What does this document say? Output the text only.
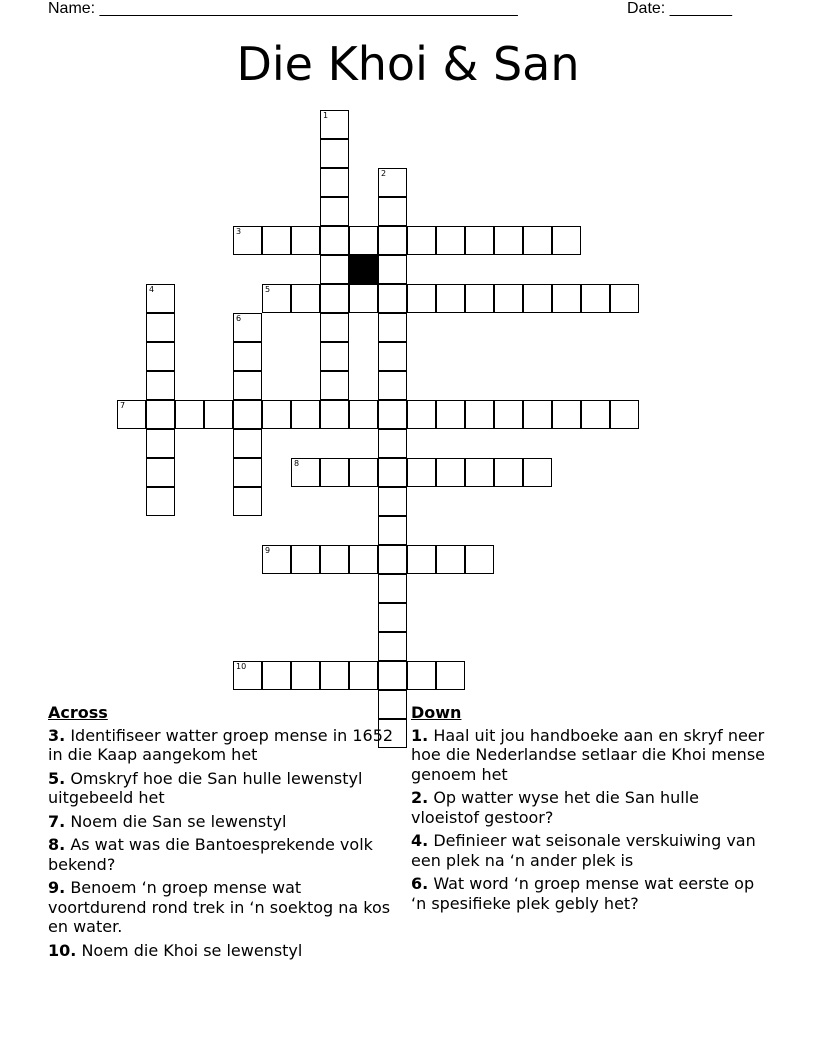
Name: _______________________________________________	Date: _______
Die Khoi & San
1
2
3
4	5
6
7
8
9
10
Across
3. Identifiseer watter groep mense in 1652 in die Kaap aangekom het
5. Omskryf hoe die San hulle lewenstyl uitgebeeld het
7. Noem die San se lewenstyl
8. As wat was die Bantoesprekende volk bekend?
9. Benoem ‘n groep mense wat voortdurend rond trek in ‘n soektog na kos en water.
10. Noem die Khoi se lewenstyl
Down
1. Haal uit jou handboeke aan en skryf neer hoe die Nederlandse setlaar die Khoi mense genoem het
2. Op watter wyse het die San hulle vloeistof gestoor?
4. Definieer wat seisonale verskuiwing van een plek na ‘n ander plek is
6. Wat word ‘n groep mense wat eerste op ‘n spesifieke plek gebly het?
